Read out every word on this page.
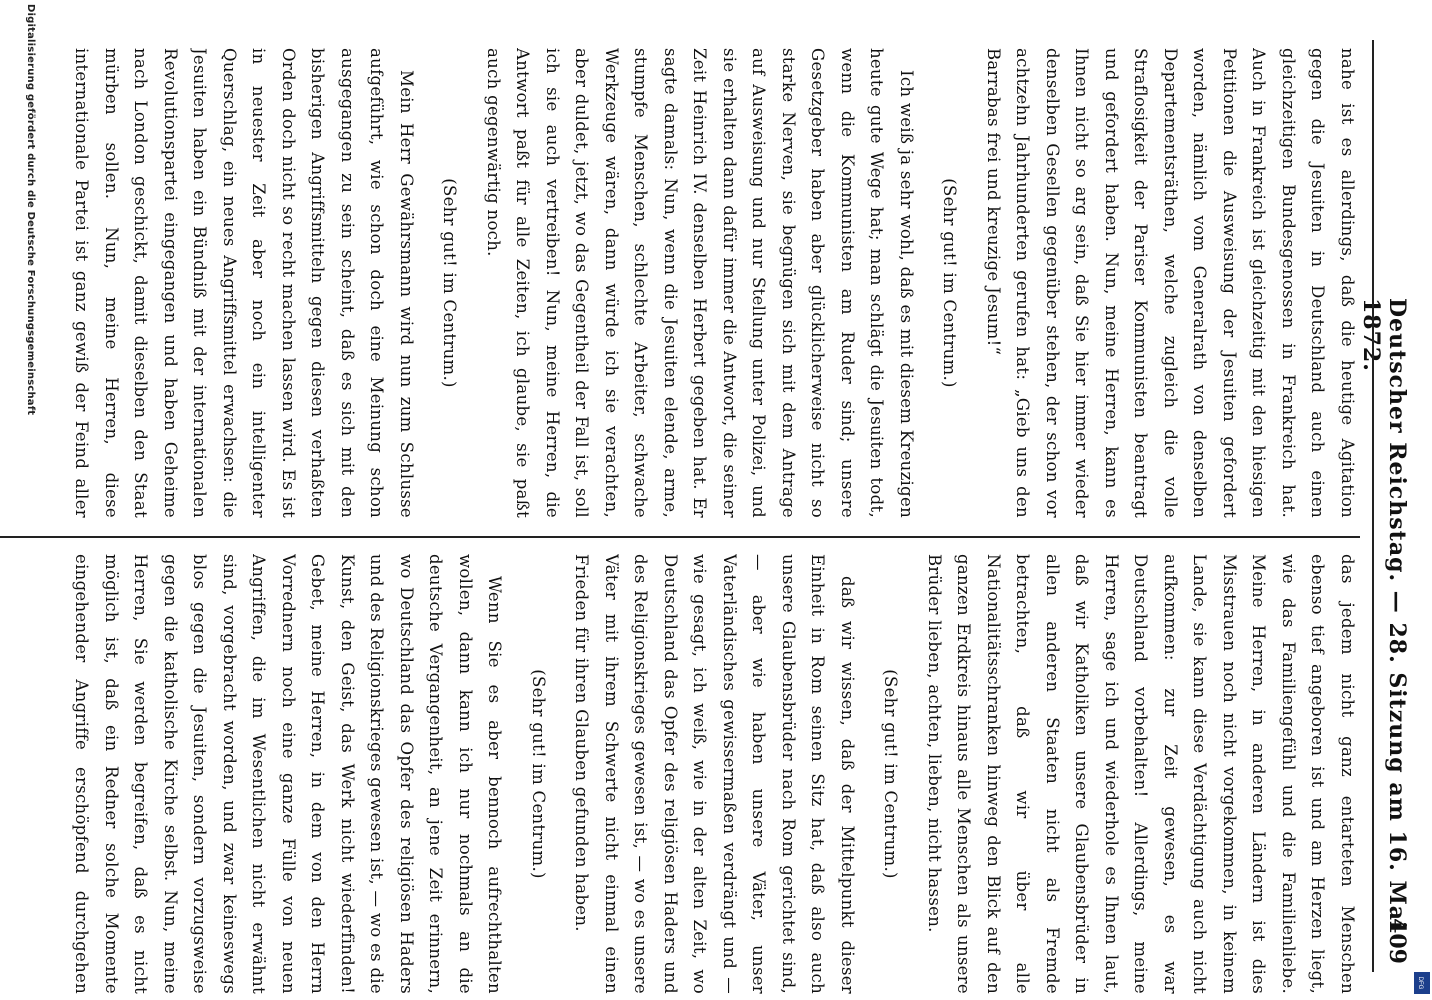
Deutscher Reichstag. — 28. Sitzung am 16. Mai 1872.
409

nahe ist es allerdings, daß die heutige Agitation gegen die Jesuiten in Deutschland auch einen gleichzeitigen Bundesgenossen in Frankreich hat. Auch in Frankreich ist gleichzeitig mit den hiesigen Petitionen die Ausweisung der Jesuiten gefordert worden, nämlich vom Generalrath von denselben Departementsräthen, welche zugleich die volle Straflosigkeit der Pariser Kommunisten beantragt und gefordert haben. Nun, meine Herren, kann es Ihnen nicht so arg sein, daß Sie hier immer wieder denselben Gesellen gegenüber stehen, der schon vor achtzehn Jahrhunderten gerufen hat: „Gieb uns den Barrabas frei und kreuzige Jesum!“

(Sehr gut! im Centrum.)

Ich weiß ja sehr wohl, daß es mit diesem Kreuzigen heute gute Wege hat; man schlägt die Jesuiten todt, wenn die Kommunisten am Ruder sind; unsere Gesetzgeber haben aber glücklicherweise nicht so starke Nerven, sie begnügen sich mit dem Antrage auf Ausweisung und nur Stellung unter Polizei, und sie erhalten dann dafür immer die Antwort, die seiner Zeit Heinrich IV. denselben Herbert gegeben hat. Er sagte damals: Nun, wenn die Jesuiten elende, arme, stumpfe Menschen, schlechte Arbeiter, schwache Werkzeuge wären, dann würde ich sie verachten, aber duldet, jetzt, wo das Gegentheil der Fall ist, soll ich sie auch vertreiben! Nun, meine Herren, die Antwort paßt für alle Zeiten, ich glaube, sie paßt auch gegenwärtig noch.

(Sehr gut! im Centrum.)

Mein Herr Gewährsmann wird nun zum Schlusse aufgeführt, wie schon doch eine Meinung schon ausgegangen zu sein scheint, daß es sich mit den bisherigen Angriffsmitteln gegen diesen verhaßten Orden doch nicht so recht machen lassen wird. Es ist in neuester Zeit aber noch ein intelligenter Querschlag, ein neues Angriffsmittel erwachsen: die Jesuiten haben ein Bündniß mit der internationalen Revolutionspartei eingegangen und haben Geheime nach London geschickt, damit dieselben den Staat mürben sollen. Nun, meine Herren, diese internationale Partei ist ganz gewiß der Feind aller

das jedem nicht ganz entarteten Menschen ebenso tief angeboren ist und am Herzen liegt, wie das Familiengefühl und die Familienliebe. Meine Herren, in anderen Ländern ist dies Misstrauen noch nicht vorgekommen, in keinem Lande, sie kann diese Verdächtigung auch nicht aufkommen: zur Zeit gewesen, es war Deutschland vorbehalten! Allerdings, meine Herren, sage ich und wiederhole es Ihnen laut, daß wir Katholiken unsere Glaubensbrüder in allen anderen Staaten nicht als Fremde betrachten, daß wir über alle Nationalitätsschranken hinweg den Blick auf den ganzen Erdkreis hinaus alle Menschen als unsere Brüder lieben, achten, lieben, nicht hassen.

(Sehr gut! im Centrum.)

daß wir wissen, daß der Mittelpunkt dieser Einheit in Rom seinen Sitz hat, daß also auch unsere Glaubensbrüder nach Rom gerichtet sind, — aber wie haben unsere Väter, unser Vaterländisches gewissermaßen verdrängt und — wie gesagt, ich weiß, wie in der alten Zeit, wo Deutschland das Opfer des religiösen Haders und des Religionskrieges gewesen ist, — wo es unsere Väter mit ihrem Schwerte nicht einmal einen Frieden für ihren Glauben gefunden haben.

(Sehr gut! im Centrum.)

Wenn Sie es aber bennoch aufrechthalten wollen, dann kann ich nur nochmals an die deutsche Vergangenheit, an jene Zeit erinnern, wo Deutschland das Opfer des religiösen Haders und des Religionskrieges gewesen ist, — wo es die Kunst, den Geist, das Werk nicht wiederfinden! Gebet, meine Herren, in dem von den Herrn Vorrednern noch eine ganze Fülle von neuen Angriffen, die im Wesentlichen nicht erwähnt sind, vorgebracht worden, und zwar keineswegs blos gegen die Jesuiten, sondern vorzugsweise gegen die katholische Kirche selbst. Nun, meine Herren, Sie werden begreifen, daß es nicht möglich ist, daß ein Redner solche Momente eingehender Angriffe erschöpfend durchgehen

Digitalisierung gefördert durch die Deutsche Forschungsgemeinschaft
DFG
